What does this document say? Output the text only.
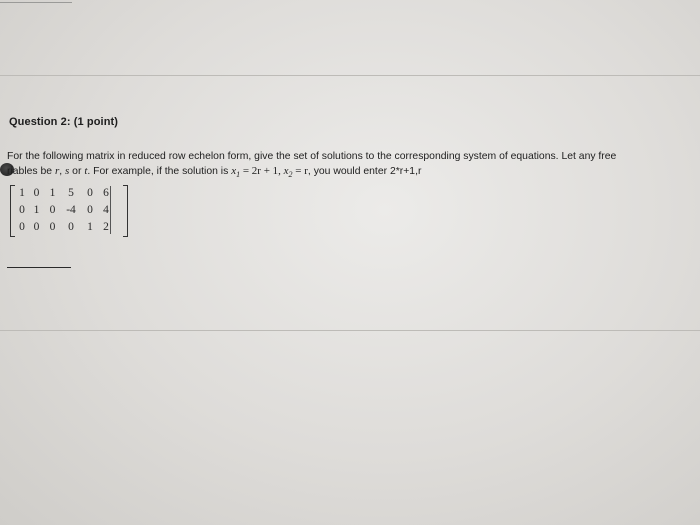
Question 2: (1 point)
For the following matrix in reduced row echelon form, give the set of solutions to the corresponding system of equations. Let any free
riables be r, s or t. For example, if the solution is $x_1 = 2r + 1$, $x_2 = r$, you would enter 2*r+1,r
1	0	1	5	0	6
0	1	0	-4	0	4
0	0	0	0	1	2
